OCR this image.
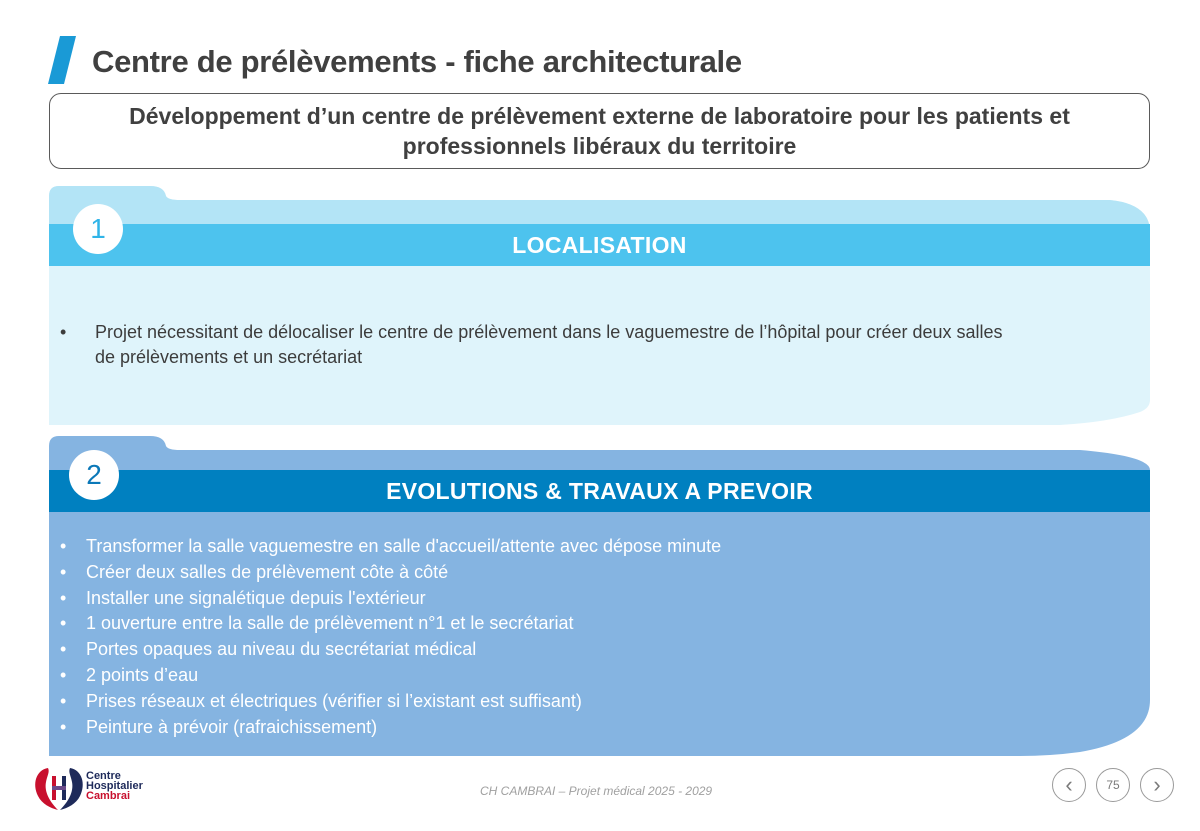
Centre de prélèvements - fiche architecturale
Développement d’un centre de prélèvement externe de laboratoire pour les patients et professionnels libéraux du territoire
LOCALISATION
1
•	Projet nécessitant de délocaliser le centre de prélèvement dans le vaguemestre de l’hôpital pour créer deux salles de prélèvements et un secrétariat
EVOLUTIONS & TRAVAUX A PREVOIR
2
•	Transformer la salle vaguemestre en salle d'accueil/attente avec dépose minute
•	Créer deux salles de prélèvement côte à côté
•	Installer une signalétique depuis l'extérieur
•	1 ouverture entre la salle de prélèvement n°1 et le secrétariat
•	Portes opaques au niveau du secrétariat médical
•	2 points d’eau
•	Prises réseaux et électriques (vérifier si l’existant est suffisant)
•	Peinture à prévoir (rafraichissement)
Centre
Hospitalier
Cambrai	CH CAMBRAI – Projet médical 2025 - 2029	‹	75 ›
